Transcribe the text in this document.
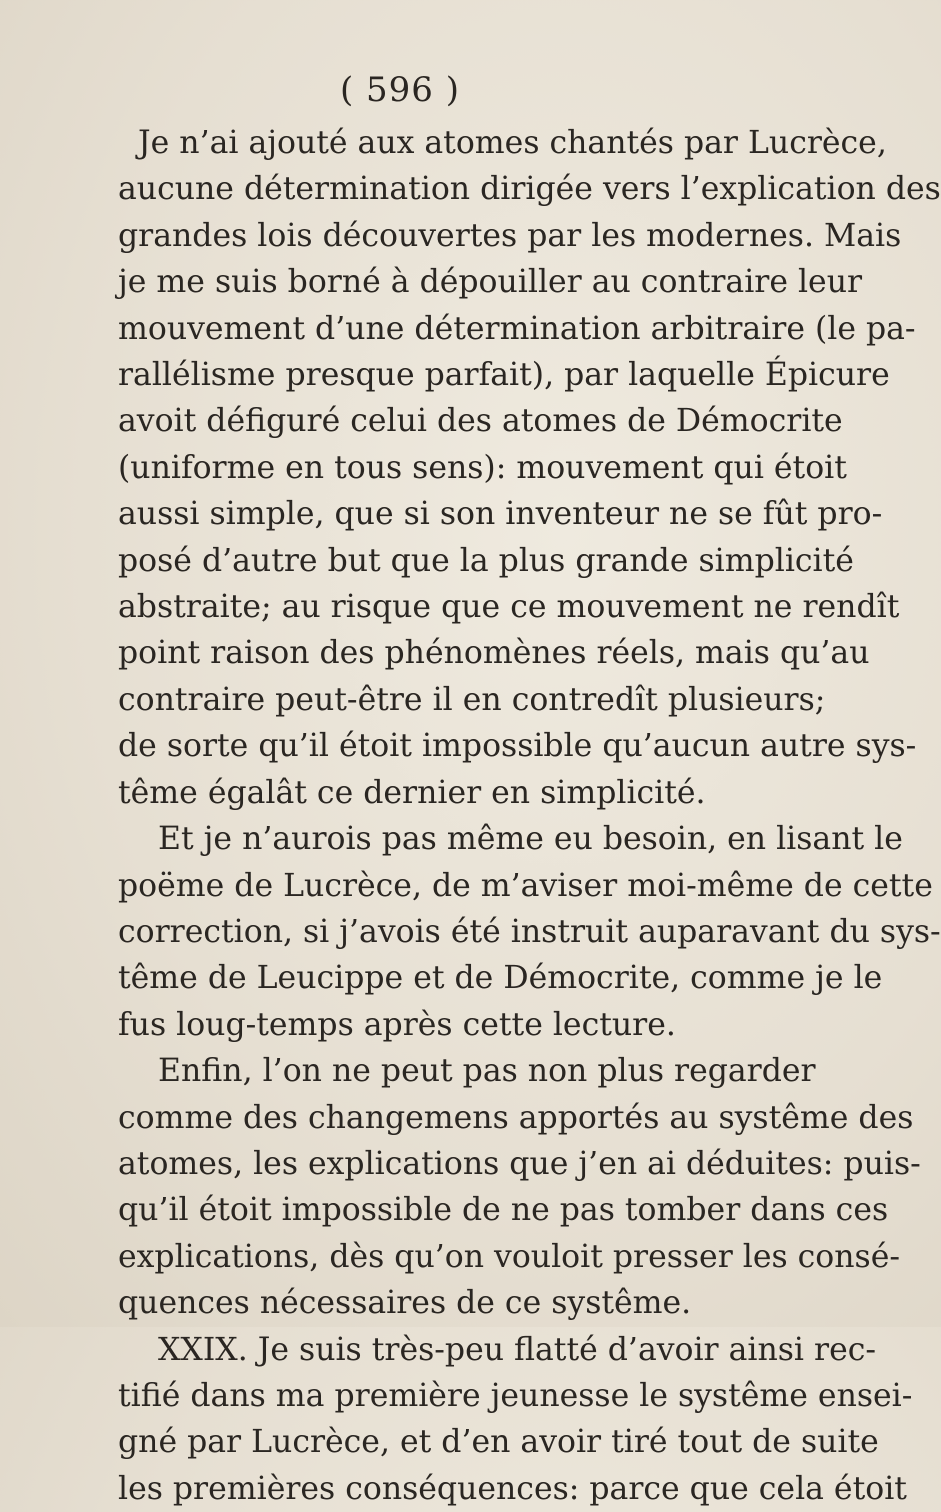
( 596 )
Je n’ai ajouté aux atomes chantés par Lucrèce,
aucune détermination dirigée vers l’explication des
grandes lois découvertes par les modernes. Mais
je me suis borné à dépouiller au contraire leur
mouvement d’une détermination arbitraire (le pa-
rallélisme presque parfait), par laquelle Épicure
avoit défiguré celui des atomes de Démocrite
(uniforme en tous sens): mouvement qui étoit
aussi simple, que si son inventeur ne se fût pro-
posé d’autre but que la plus grande simplicité
abstraite; au risque que ce mouvement ne rendît
point raison des phénomènes réels, mais qu’au
contraire peut-être il en contredît plusieurs;
de sorte qu’il étoit impossible qu’aucun autre sys-
tême égalât ce dernier en simplicité.
Et je n’aurois pas même eu besoin, en lisant le
poëme de Lucrèce, de m’aviser moi-même de cette
correction, si j’avois été instruit auparavant du sys-
tême de Leucippe et de Démocrite, comme je le
fus loug-temps après cette lecture.
Enfin, l’on ne peut pas non plus regarder
comme des changemens apportés au systême des
atomes, les explications que j’en ai déduites: puis-
qu’il étoit impossible de ne pas tomber dans ces
explications, dès qu’on vouloit presser les consé-
quences nécessaires de ce systême.
XXIX. Je suis très-peu flatté d’avoir ainsi rec-
tifié dans ma première jeunesse le systême ensei-
gné par Lucrèce, et d’en avoir tiré tout de suite
les premières conséquences: parce que cela étoit
